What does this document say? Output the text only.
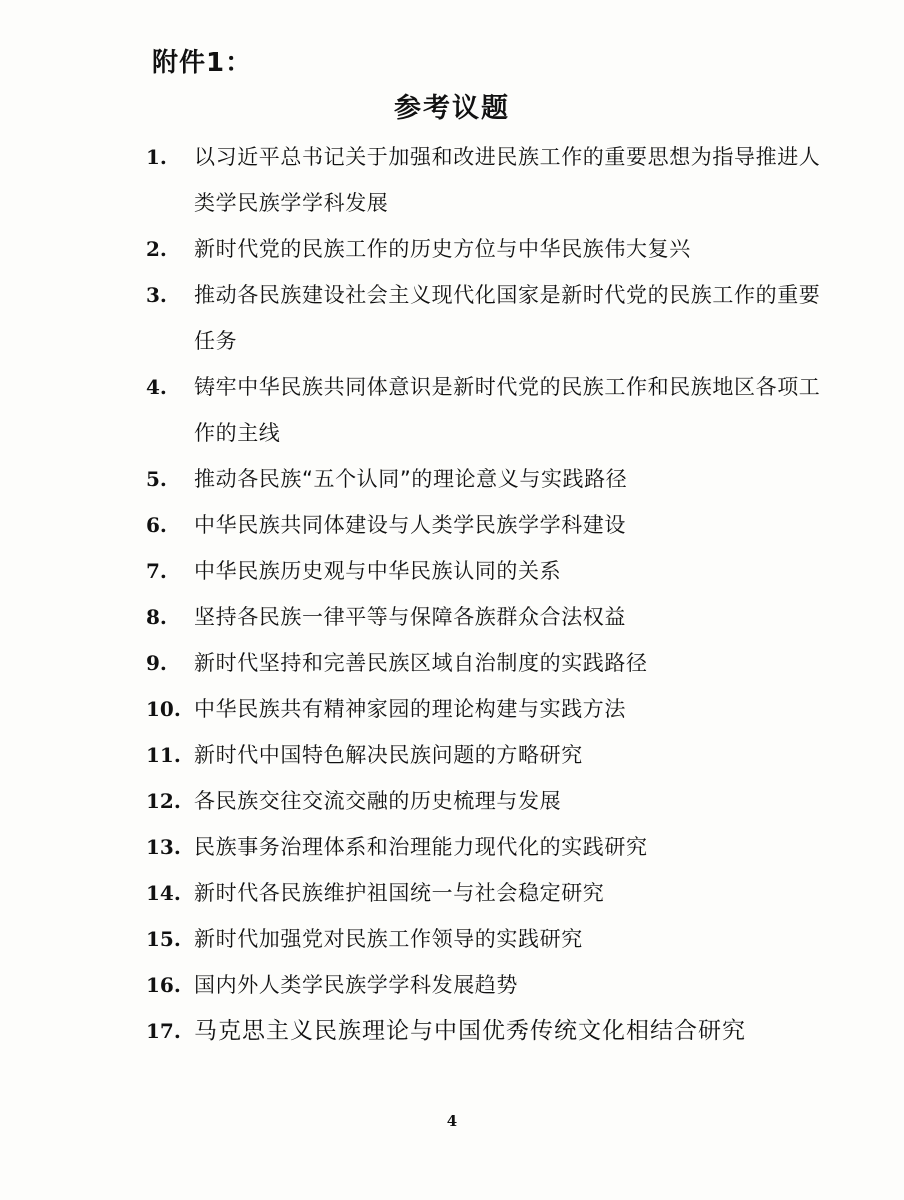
附件1：
参考议题
1.	以习近平总书记关于加强和改进民族工作的重要思想为指导推进人类学民族学学科发展
2.	新时代党的民族工作的历史方位与中华民族伟大复兴
3.	推动各民族建设社会主义现代化国家是新时代党的民族工作的重要任务
4.	铸牢中华民族共同体意识是新时代党的民族工作和民族地区各项工作的主线
5.	推动各民族“五个认同”的理论意义与实践路径
6.	中华民族共同体建设与人类学民族学学科建设
7.	中华民族历史观与中华民族认同的关系
8.	坚持各民族一律平等与保障各族群众合法权益
9.	新时代坚持和完善民族区域自治制度的实践路径
10. 中华民族共有精神家园的理论构建与实践方法
11. 新时代中国特色解决民族问题的方略研究
12. 各民族交往交流交融的历史梳理与发展
13. 民族事务治理体系和治理能力现代化的实践研究
14. 新时代各民族维护祖国统一与社会稳定研究
15. 新时代加强党对民族工作领导的实践研究
16. 国内外人类学民族学学科发展趋势
17. 马克思主义民族理论与中国优秀传统文化相结合研究
4
